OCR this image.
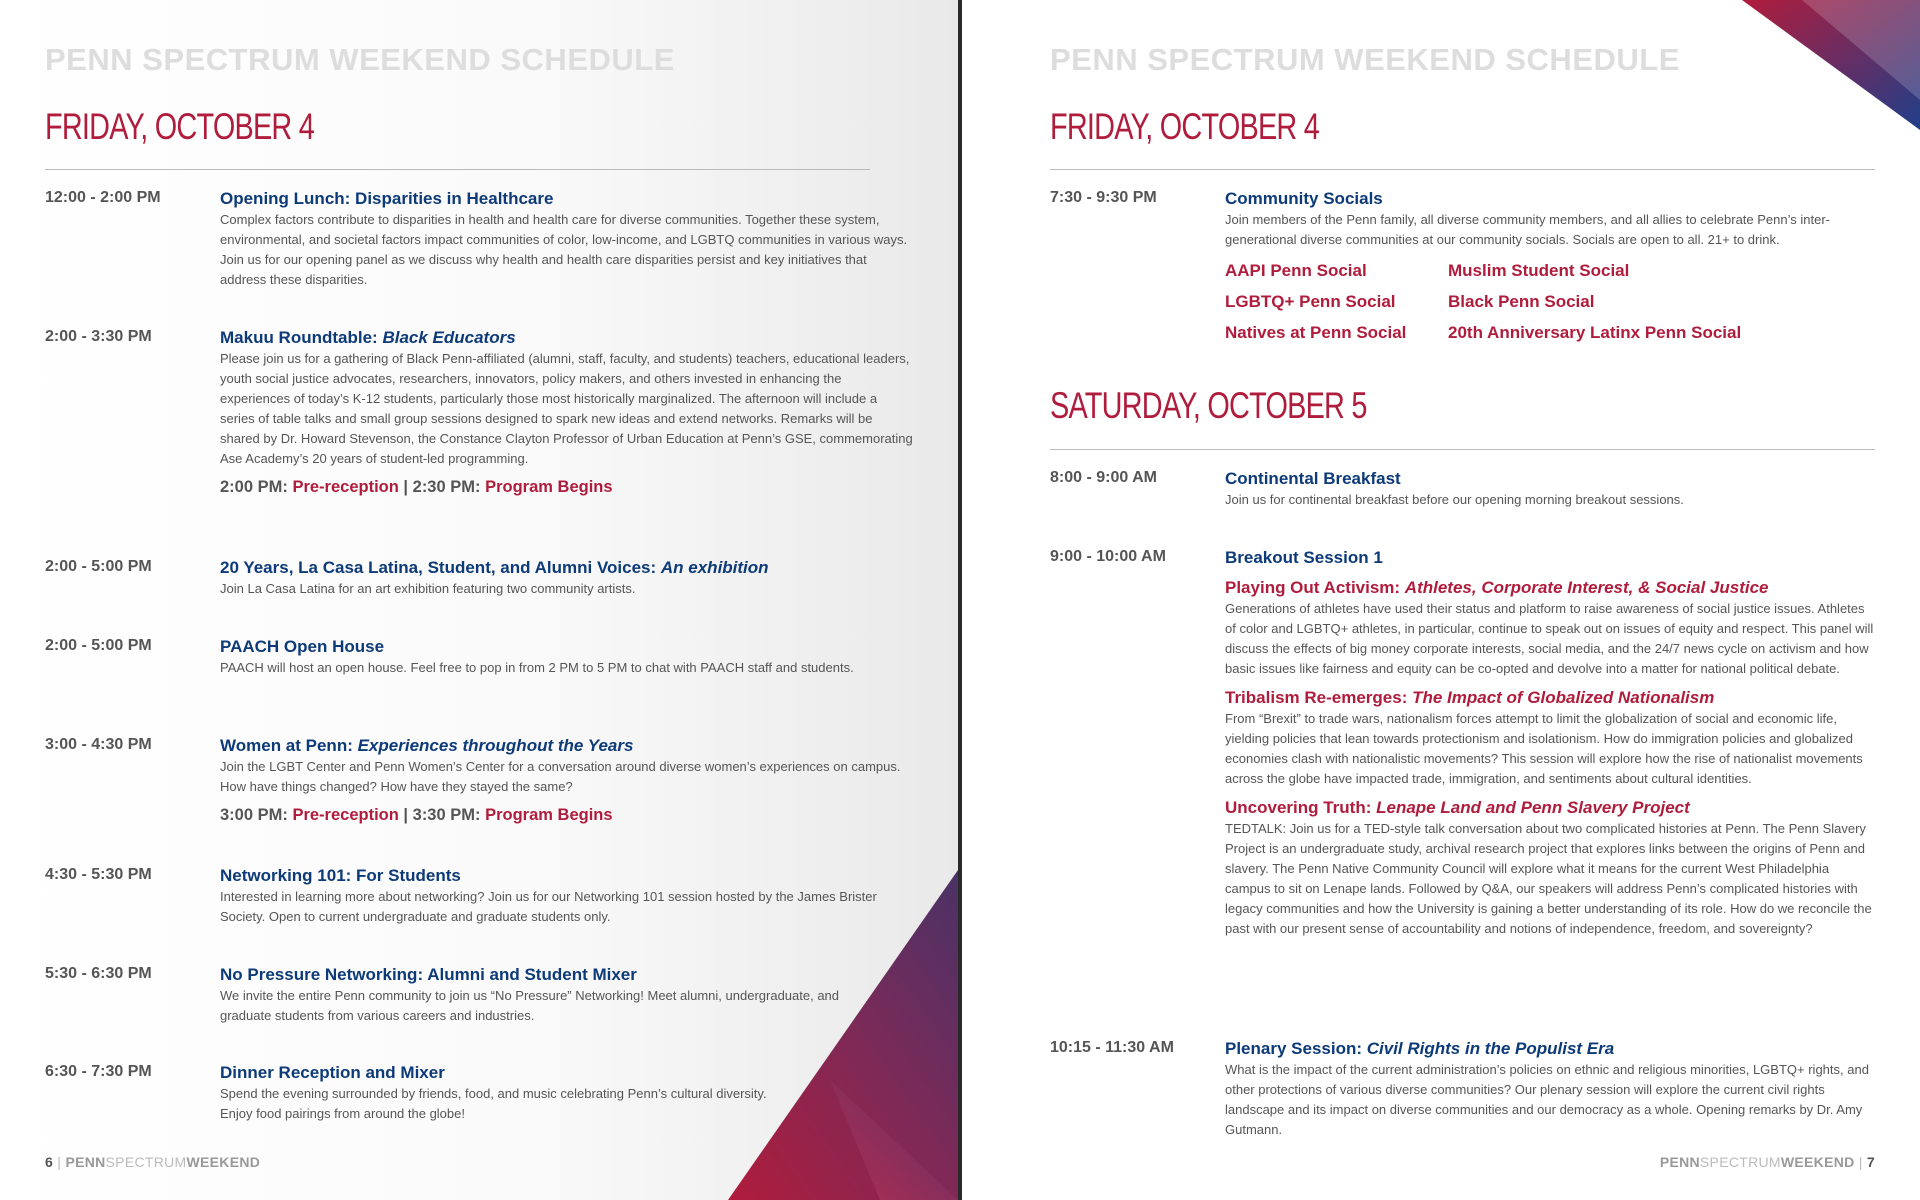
PENN SPECTRUM WEEKEND SCHEDULE
FRIDAY, OCTOBER 4
12:00 - 2:00 PM	Opening Lunch: Disparities in Healthcare
Complex factors contribute to disparities in health and health care for diverse communities. Together these system, environmental, and societal factors impact communities of color, low-income, and LGBTQ communities in various ways. Join us for our opening panel as we discuss why health and health care disparities persist and key initiatives that address these disparities.
2:00 - 3:30 PM	Makuu Roundtable: Black Educators
Please join us for a gathering of Black Penn-affiliated (alumni, staff, faculty, and students) teachers, educational leaders, youth social justice advocates, researchers, innovators, policy makers, and others invested in enhancing the experiences of today’s K-12 students, particularly those most historically marginalized. The afternoon will include a series of table talks and small group sessions designed to spark new ideas and extend networks. Remarks will be shared by Dr. Howard Stevenson, the Constance Clayton Professor of Urban Education at Penn’s GSE, commemorating Ase Academy’s 20 years of student-led programming.
2:00 PM: Pre-reception | 2:30 PM: Program Begins
2:00 - 5:00 PM	20 Years, La Casa Latina, Student, and Alumni Voices: An exhibition
Join La Casa Latina for an art exhibition featuring two community artists.
2:00 - 5:00 PM	PAACH Open House
PAACH will host an open house. Feel free to pop in from 2 PM to 5 PM to chat with PAACH staff and students.
3:00 - 4:30 PM	Women at Penn: Experiences throughout the Years
Join the LGBT Center and Penn Women’s Center for a conversation around diverse women’s experiences on campus. How have things changed? How have they stayed the same?
3:00 PM: Pre-reception | 3:30 PM: Program Begins
4:30 - 5:30 PM	Networking 101: For Students
Interested in learning more about networking? Join us for our Networking 101 session hosted by the James Brister Society. Open to current undergraduate and graduate students only.
5:30 - 6:30 PM	No Pressure Networking: Alumni and Student Mixer
We invite the entire Penn community to join us “No Pressure” Networking! Meet alumni, undergraduate, and graduate students from various careers and industries.
6:30 - 7:30 PM	Dinner Reception and Mixer
Spend the evening surrounded by friends, food, and music celebrating Penn’s cultural diversity. Enjoy food pairings from around the globe!
6 | PENNSPECTRUMWEEKEND
PENN SPECTRUM WEEKEND SCHEDULE
FRIDAY, OCTOBER 4
7:30 - 9:30 PM	Community Socials
Join members of the Penn family, all diverse community members, and all allies to celebrate Penn’s inter-generational diverse communities at our community socials. Socials are open to all. 21+ to drink.
AAPI Penn Social	Muslim Student Social
LGBTQ+ Penn Social	Black Penn Social
Natives at Penn Social	20th Anniversary Latinx Penn Social
SATURDAY, OCTOBER 5
8:00 - 9:00 AM	Continental Breakfast
Join us for continental breakfast before our opening morning breakout sessions.
9:00 - 10:00 AM	Breakout Session 1
Playing Out Activism: Athletes, Corporate Interest, & Social Justice
Generations of athletes have used their status and platform to raise awareness of social justice issues. Athletes of color and LGBTQ+ athletes, in particular, continue to speak out on issues of equity and respect. This panel will discuss the effects of big money corporate interests, social media, and the 24/7 news cycle on activism and how basic issues like fairness and equity can be co-opted and devolve into a matter for national political debate.
Tribalism Re-emerges: The Impact of Globalized Nationalism
From “Brexit” to trade wars, nationalism forces attempt to limit the globalization of social and economic life, yielding policies that lean towards protectionism and isolationism. How do immigration policies and globalized economies clash with nationalistic movements? This session will explore how the rise of nationalist movements across the globe have impacted trade, immigration, and sentiments about cultural identities.
Uncovering Truth: Lenape Land and Penn Slavery Project
TEDTALK: Join us for a TED-style talk conversation about two complicated histories at Penn. The Penn Slavery Project is an undergraduate study, archival research project that explores links between the origins of Penn and slavery. The Penn Native Community Council will explore what it means for the current West Philadelphia campus to sit on Lenape lands. Followed by Q&A, our speakers will address Penn’s complicated histories with legacy communities and how the University is gaining a better understanding of its role. How do we reconcile the past with our present sense of accountability and notions of independence, freedom, and sovereignty?
10:15 - 11:30 AM	Plenary Session: Civil Rights in the Populist Era
What is the impact of the current administration’s policies on ethnic and religious minorities, LGBTQ+ rights, and other protections of various diverse communities? Our plenary session will explore the current civil rights landscape and its impact on diverse communities and our democracy as a whole. Opening remarks by Dr. Amy Gutmann.
PENNSPECTRUMWEEKEND | 7
